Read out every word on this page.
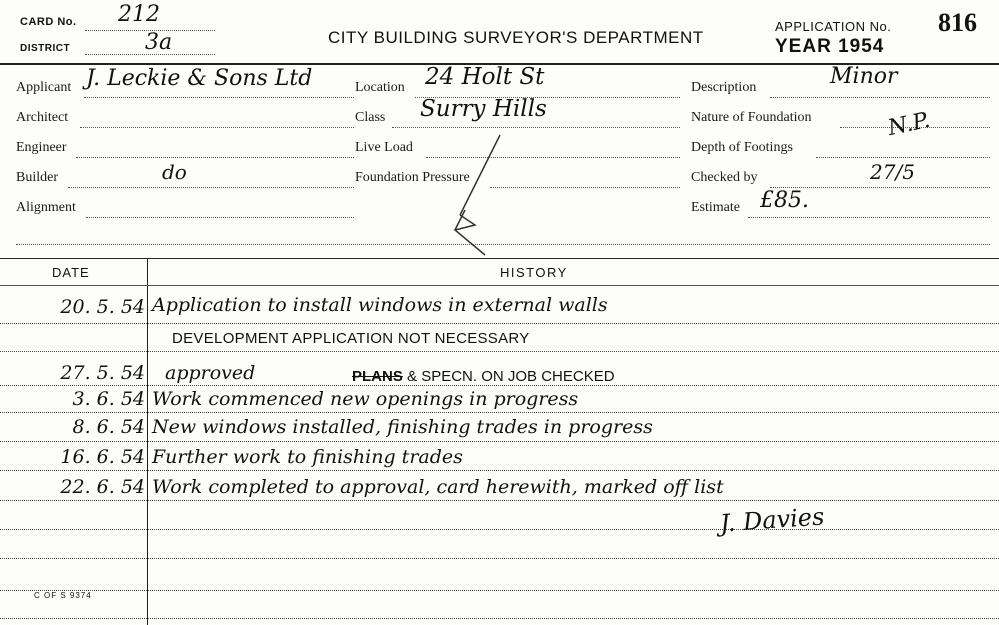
CARD No. 212
DISTRICT	3a	CITY BUILDING SURVEYOR'S DEPARTMENT
APPLICATION No. 816
YEAR 1954
Applicant J. Leckie & Sons Ltd	Location 24 Holt St	Description	Minor
Architect	Class Surry Hills	Nature of Foundation	N.P.
Engineer	Live Load	Depth of Footings
Builder	do	Foundation Pressure	Checked by	27/5
Alignment	Estimate £85.
DATE	HISTORY
20. 5. 54 Application to install windows in external walls
DEVELOPMENT APPLICATION NOT NECESSARY
27. 5. 54 approved	PLANS & SPECN. ON JOB CHECKED
3. 6. 54 Work commenced new openings in progress
8. 6. 54 New windows installed, finishing trades in progress
16. 6. 54 Further work to finishing trades
22. 6. 54 Work completed to approval, card herewith, marked off list
J. Davies
C OF S 9374
